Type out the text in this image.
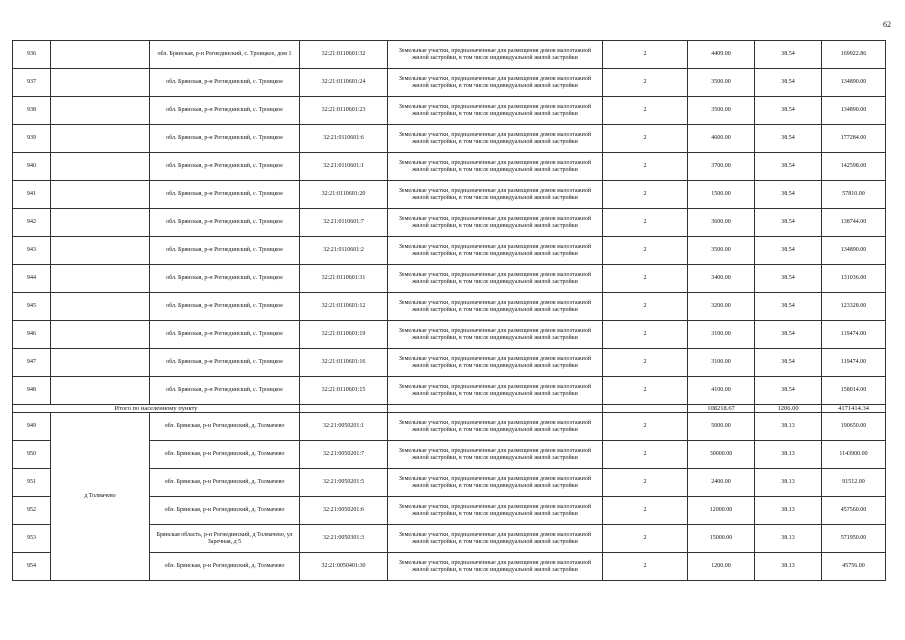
62
936		обл. Брянская, р-н Рогнединский, с. Троицкое, дом 1	32:21:0110601:32	Земельные участки, предназначенные для размещения домов малоэтажной жилой застройки, в том числе индивидуальной жилой застройки	2	4409.00	38.54	169922.86
937		обл. Брянская, р-н Рогнединский, с. Троицкое	32:21:0110601:24	Земельные участки, предназначенные для размещения домов малоэтажной жилой застройки, в том числе индивидуальной жилой застройки	2	3500.00	38.54	134890.00
938		обл. Брянская, р-н Рогнединский, с. Троицкое	32:21:0110601:23	Земельные участки, предназначенные для размещения домов малоэтажной жилой застройки, в том числе индивидуальной жилой застройки	2	3500.00	38.54	134890.00
939		обл. Брянская, р-н Рогнединский, с. Троицкое	32:21:0110601:6	Земельные участки, предназначенные для размещения домов малоэтажной жилой застройки, в том числе индивидуальной жилой застройки	2	4600.00	38.54	177284.00
940		обл. Брянская, р-н Рогнединский, с. Троицкое	32:21:0110601:1	Земельные участки, предназначенные для размещения домов малоэтажной жилой застройки, в том числе индивидуальной жилой застройки	2	3700.00	38.54	142598.00
941		обл. Брянская, р-н Рогнединский, с. Троицкое	32:21:0110601:20	Земельные участки, предназначенные для размещения домов малоэтажной жилой застройки, в том числе индивидуальной жилой застройки	2	1500.00	38.54	57810.00
942		обл. Брянская, р-н Рогнединский, с. Троицкое	32:21:0110601:7	Земельные участки, предназначенные для размещения домов малоэтажной жилой застройки, в том числе индивидуальной жилой застройки	2	3600.00	38.54	138744.00
943		обл. Брянская, р-н Рогнединский, с. Троицкое	32:21:0110601:2	Земельные участки, предназначенные для размещения домов малоэтажной жилой застройки, в том числе индивидуальной жилой застройки	2	3500.00	38.54	134890.00
944		обл. Брянская, р-н Рогнединский, с. Троицкое	32:21:0110601:31	Земельные участки, предназначенные для размещения домов малоэтажной жилой застройки, в том числе индивидуальной жилой застройки	2	3400.00	38.54	131036.00
945		обл. Брянская, р-н Рогнединский, с. Троицкое	32:21:0110601:12	Земельные участки, предназначенные для размещения домов малоэтажной жилой застройки, в том числе индивидуальной жилой застройки	2	3200.00	38.54	123328.00
946		обл. Брянская, р-н Рогнединский, с. Троицкое	32:21:0110601:19	Земельные участки, предназначенные для размещения домов малоэтажной жилой застройки, в том числе индивидуальной жилой застройки	2	3100.00	38.54	119474.00
947		обл. Брянская, р-н Рогнединский, с. Троицкое	32:21:0110601:16	Земельные участки, предназначенные для размещения домов малоэтажной жилой застройки, в том числе индивидуальной жилой застройки	2	3100.00	38.54	119474.00
948		обл. Брянская, р-н Рогнединский, с. Троицкое	32:21:0110601:15	Земельные участки, предназначенные для размещения домов малоэтажной жилой застройки, в том числе индивидуальной жилой застройки	2	4100.00	38.54	158014.00
Итого по населенному пункту						108218.67	1206.00	4171414.34
949	д Толмачево	обл. Брянская, р-н Рогнединский, д. Толмачево	32:21:0050201:1	Земельные участки, предназначенные для размещения домов малоэтажной жилой застройки, в том числе индивидуальной жилой застройки	2	5000.00	38.13	190650.00
950		обл. Брянская, р-н Рогнединский, д. Толмачево	32:21:0050201:7	Земельные участки, предназначенные для размещения домов малоэтажной жилой застройки, в том числе индивидуальной жилой застройки	2	30000.00	38.13	1143900.00
951		обл. Брянская, р-н Рогнединский, д. Толмачево	32:21:0050201:5	Земельные участки, предназначенные для размещения домов малоэтажной жилой застройки, в том числе индивидуальной жилой застройки	2	2400.00	38.13	91512.00
952		обл. Брянская, р-н Рогнединский, д. Толмачево	32:21:0050201:6	Земельные участки, предназначенные для размещения домов малоэтажной жилой застройки, в том числе индивидуальной жилой застройки	2	12000.00	38.13	457560.00
953		Брянская область, р-н Рогнединский, д Толмачево, ул Заречная, д 5	32:21:0050301:3	Земельные участки, предназначенные для размещения домов малоэтажной жилой застройки, в том числе индивидуальной жилой застройки	2	15000.00	38.13	571950.00
954		обл. Брянская, р-н Рогнединский, д. Толмачево	32:21:0050401:30	Земельные участки, предназначенные для размещения домов малоэтажной жилой застройки, в том числе индивидуальной жилой застройки	2	1200.00	38.13	45756.00
